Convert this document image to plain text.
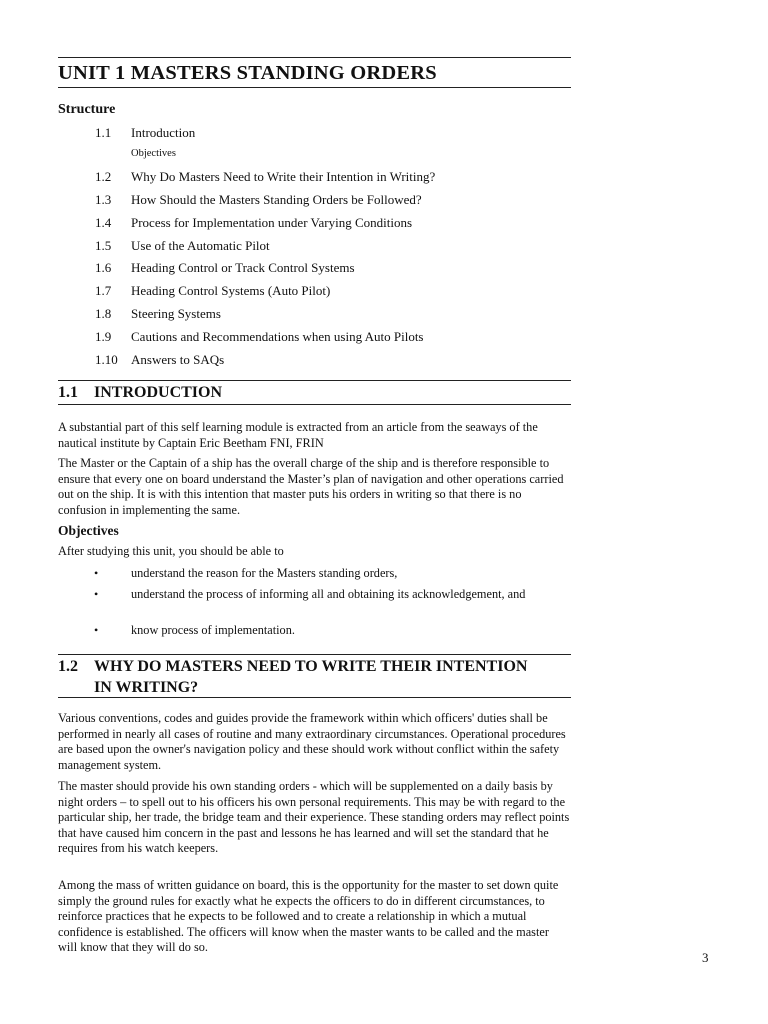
UNIT 1 MASTERS STANDING ORDERS
Structure
1.1 Introduction
Objectives
1.2 Why Do Masters Need to Write their Intention in Writing?
1.3 How Should the Masters Standing Orders be Followed?
1.4 Process for Implementation under Varying Conditions
1.5 Use of the Automatic Pilot
1.6 Heading Control or Track Control Systems
1.7 Heading Control Systems (Auto Pilot)
1.8 Steering Systems
1.9 Cautions and Recommendations when using Auto Pilots
1.10 Answers to SAQs
1.1 INTRODUCTION
A substantial part of this self learning module is extracted from an article from the seaways of the nautical institute by Captain Eric Beetham FNI, FRIN
The Master or the Captain of a ship has the overall charge of the ship and is therefore responsible to ensure that every one on board understand the Master’s plan of navigation and other operations carried out on the ship. It is with this intention that master puts his orders in writing so that there is no confusion in implementing the same.
Objectives
After studying this unit, you should be able to
•	understand the reason for the Masters standing orders,
•	understand the process of informing all and obtaining its acknowledgement, and
•	know process of implementation.
1.2 WHY DO MASTERS NEED TO WRITE THEIR INTENTION IN WRITING?
Various conventions, codes and guides provide the framework within which officers' duties shall be performed in nearly all cases of routine and many extraordinary circumstances. Operational procedures are based upon the owner's navigation policy and these should work without conflict within the safety management system.
The master should provide his own standing orders - which will be supplemented on a daily basis by night orders – to spell out to his officers his own personal requirements. This may be with regard to the particular ship, her trade, the bridge team and their experience. These standing orders may reflect points that have caused him concern in the past and lessons he has learned and will set the standard that he requires from his watch keepers.
Among the mass of written guidance on board, this is the opportunity for the master to set down quite simply the ground rules for exactly what he expects the officers to do in different circumstances, to reinforce practices that he expects to be followed and to create a relationship in which a mutual confidence is established. The officers will know when the master wants to be called and the master will know that they will do so.
3
